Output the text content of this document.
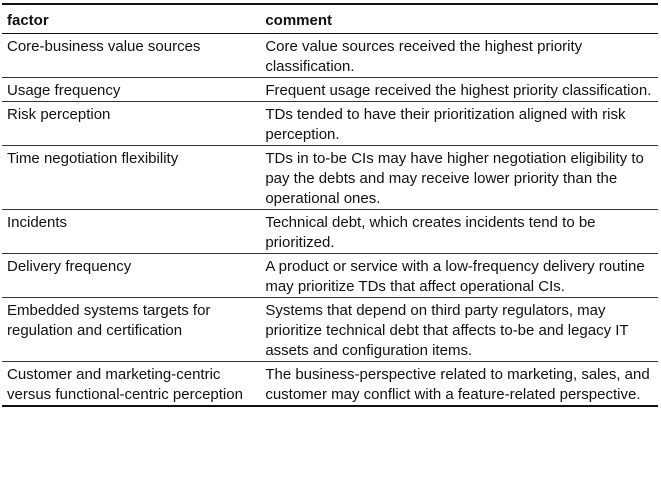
factor	comment
Core-business value sources	Core value sources received the highest priority classification.
Usage frequency	Frequent usage received the highest priority classification.
Risk perception	TDs tended to have their prioritization aligned with risk perception.
Time negotiation flexibility	TDs in to-be CIs may have higher negotiation eligibility to pay the debts and may receive lower priority than the operational ones.
Incidents	Technical debt, which creates incidents tend to be prioritized.
Delivery frequency	A product or service with a low-frequency delivery routine may prioritize TDs that affect operational CIs.
Embedded systems targets for regulation and certification	Systems that depend on third party regulators, may prioritize technical debt that affects to-be and legacy IT assets and configuration items.
Customer and marketing-centric versus functional-centric perception	The business-perspective related to marketing, sales, and customer may conflict with a feature-related perspective.
